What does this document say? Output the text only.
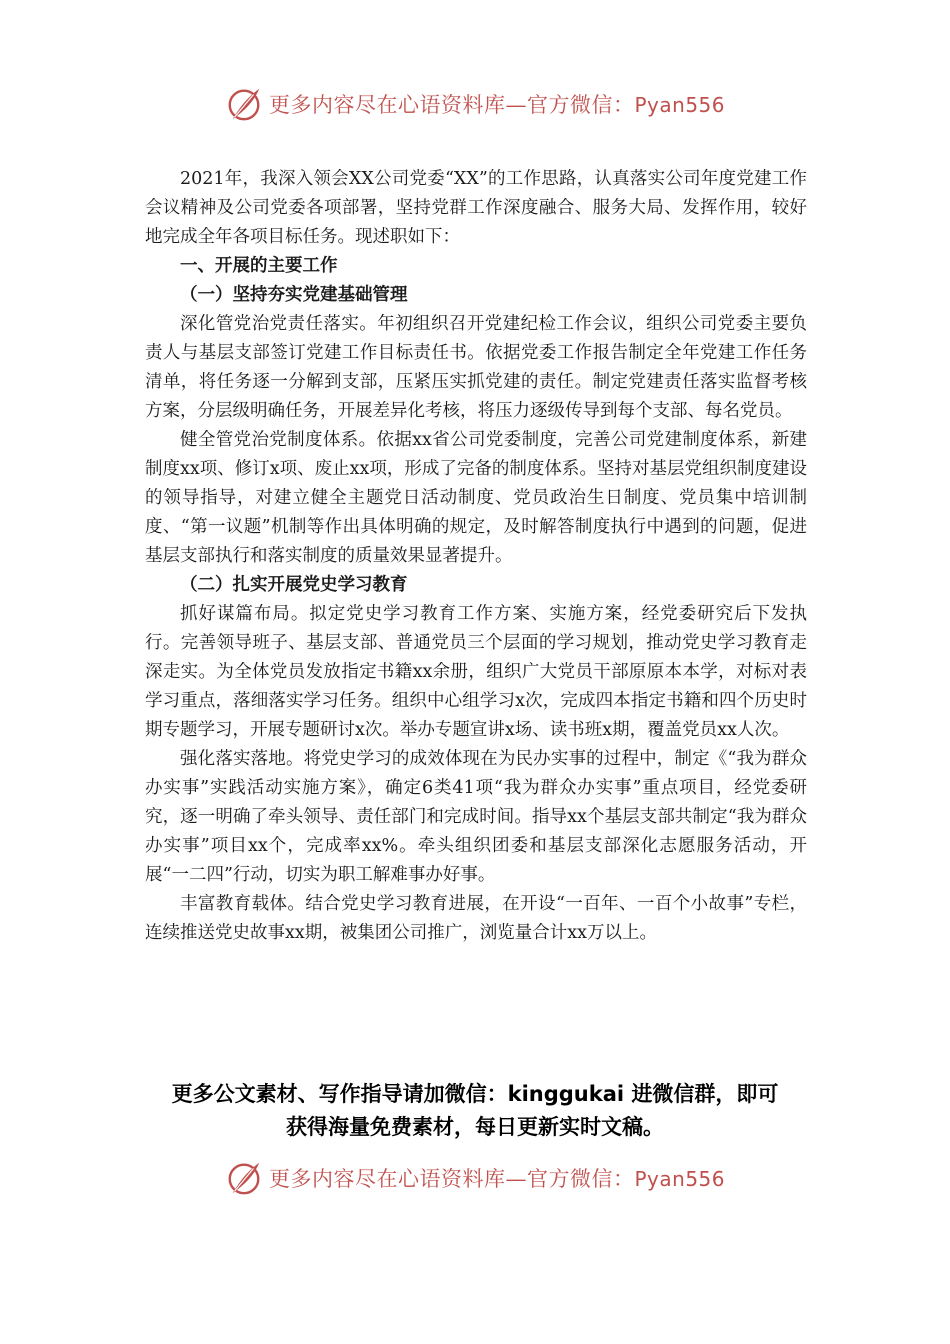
更多内容尽在心语资料库—官方微信：Pyan556

2021年，我深入领会XX公司党委“XX”的工作思路，认真落实公司年度党建工作会议精神及公司党委各项部署，坚持党群工作深度融合、服务大局、发挥作用，较好地完成全年各项目标任务。现述职如下：

一、开展的主要工作

（一）坚持夯实党建基础管理

深化管党治党责任落实。年初组织召开党建纪检工作会议，组织公司党委主要负责人与基层支部签订党建工作目标责任书。依据党委工作报告制定全年党建工作任务清单，将任务逐一分解到支部，压紧压实抓党建的责任。制定党建责任落实监督考核方案，分层级明确任务，开展差异化考核，将压力逐级传导到每个支部、每名党员。

健全管党治党制度体系。依据xx省公司党委制度，完善公司党建制度体系，新建制度xx项、修订x项、废止xx项，形成了完备的制度体系。坚持对基层党组织制度建设的领导指导，对建立健全主题党日活动制度、党员政治生日制度、党员集中培训制度、“第一议题”机制等作出具体明确的规定，及时解答制度执行中遇到的问题，促进基层支部执行和落实制度的质量效果显著提升。

（二）扎实开展党史学习教育

抓好谋篇布局。拟定党史学习教育工作方案、实施方案，经党委研究后下发执行。完善领导班子、基层支部、普通党员三个层面的学习规划，推动党史学习教育走深走实。为全体党员发放指定书籍xx余册，组织广大党员干部原原本本学，对标对表学习重点，落细落实学习任务。组织中心组学习x次，完成四本指定书籍和四个历史时期专题学习，开展专题研讨x次。举办专题宣讲x场、读书班x期，覆盖党员xx人次。

强化落实落地。将党史学习的成效体现在为民办实事的过程中，制定《“我为群众办实事”实践活动实施方案》，确定6类41项“我为群众办实事”重点项目，经党委研究，逐一明确了牵头领导、责任部门和完成时间。指导xx个基层支部共制定“我为群众办实事”项目xx个，完成率xx%。牵头组织团委和基层支部深化志愿服务活动，开展“一二四”行动，切实为职工解难事办好事。

丰富教育载体。结合党史学习教育进展，在开设“一百年、一百个小故事”专栏，连续推送党史故事xx期，被集团公司推广，浏览量合计xx万以上。

更多公文素材、写作指导请加微信：kinggukai 进微信群，即可
获得海量免费素材，每日更新实时文稿。
更多内容尽在心语资料库—官方微信：Pyan556
